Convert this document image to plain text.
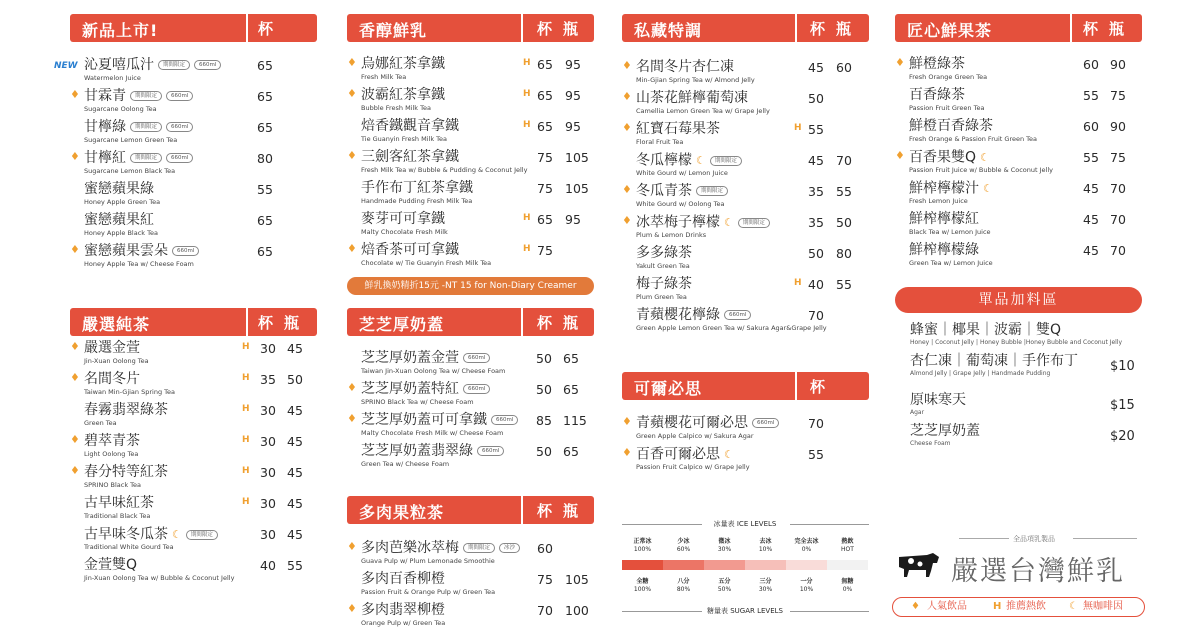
新品上市!	杯
沁夏嘻瓜汁 期間限定	660ml
Watermelon Juice
65
NEW
♦ 甘霖青 期間限定	660ml
Sugarcane Oolong Tea
65
甘檸綠 期間限定	660ml
Sugarcane Lemon Green Tea
65
♦ 甘檸紅 期間限定	660ml
Sugarcane Lemon Black Tea
80
蜜戀蘋果綠
Honey Apple Green Tea
55
蜜戀蘋果紅
Honey Apple Black Tea
65
♦ 蜜戀蘋果雲朵 660ml
Honey Apple Tea w/ Cheese Foam
65
嚴選純茶	杯 瓶
♦ 嚴選金萱
Jin-Xuan Oolong Tea
H 30 45
♦ 名間冬片
Taiwan Min-Gjian Spring Tea
H 35 50
春霧翡翠綠茶
Green Tea
H 30 45
♦ 碧萃青茶
Light Oolong Tea
H 30 45
♦ 春分特等紅茶
SPRINO Black Tea
H 30 45
古早味紅茶
Traditional Black Tea
H 30 45
古早味冬瓜茶 ☾ 期間限定
Traditional White Gourd Tea
30 45
金萱雙Q
Jin-Xuan Oolong Tea w/ Bubble & Coconut Jelly
40 55
香醇鮮乳	杯 瓶
♦ 烏娜紅茶拿鐵
Fresh Milk Tea
H 65 95
♦ 波霸紅茶拿鐵
Bubble Fresh Milk Tea
H 65 95
焙香鐵觀音拿鐵
Tie Guanyin Fresh Milk Tea
H 65 95
♦ 三劍客紅茶拿鐵
Fresh Milk Tea w/ Bubble & Pudding & Coconut Jelly
75 105
手作布丁紅茶拿鐵
Handmade Pudding Fresh Milk Tea
75 105
麥芽可可拿鐵
Malty Chocolate Fresh Milk
H 65 95
♦ 焙香茶可可拿鐵
Chocolate w/ Tie Guanyin Fresh Milk Tea
H 75
鮮乳換奶精折15元 -NT 15 for Non-Diary Creamer
芝芝厚奶蓋	杯 瓶
芝芝厚奶蓋金萱 660ml
Taiwan Jin-Xuan Oolong Tea w/ Cheese Foam
50 65
♦ 芝芝厚奶蓋特紅 660ml
SPRINO Black Tea w/ Cheese Foam
50 65
♦ 芝芝厚奶蓋可可拿鐵 660ml
Malty Chocolate Fresh Milk w/ Cheese Foam
85 115
芝芝厚奶蓋翡翠綠 660ml
Green Tea w/ Cheese Foam
50 65
多肉果粒茶	杯 瓶
♦ 多肉芭樂冰萃梅 期間限定	冰沙
Guava Pulp w/ Plum Lemonade Smoothie
60
多肉百香柳橙
Passion Fruit & Orange Pulp w/ Green Tea
75 105
♦ 多肉翡翠柳橙
Orange Pulp w/ Green Tea
70 100
私藏特調	杯 瓶
♦ 名間冬片杏仁凍
Min-Gjian Spring Tea w/ Almond Jelly
45 60
♦ 山茶花鮮檸葡萄凍
Camellia Lemon Green Tea w/ Grape Jelly
50
♦ 紅寶石莓果茶
Floral Fruit Tea
H 55
冬瓜檸檬 ☾ 期間限定
White Gourd w/ Lemon Juice
45 70
♦ 冬瓜青茶 期間限定
White Gourd w/ Oolong Tea
35 55
♦ 冰萃梅子檸檬 ☾ 期間限定
Plum & Lemon Drinks
35 50
多多綠茶
Yakult Green Tea
50 80
梅子綠茶
Plum Green Tea
H 40 55
青蘋櫻花檸綠 660ml
Green Apple Lemon Green Tea w/ Sakura Agar&Grape Jelly
70
可爾必思	杯
♦ 青蘋櫻花可爾必思 660ml
Green Apple Calpico w/ Sakura Agar
70
♦ 百香可爾必思 ☾
Passion Fruit Calpico w/ Grape Jelly
55
冰量表 ICE LEVELS
正常冰
100%
少冰
60%
微冰
30%
去冰
10%
完全去冰
0%
熱飲
HOT
全糖
100%
八分
80%
五分
50%
三分
30%
一分
10%
無糖
0%
糖量表 SUGAR LEVELS
匠心鮮果茶	杯 瓶
♦ 鮮橙綠茶
Fresh Orange Green Tea
60 90
百香綠茶
Passion Fruit Green Tea
55 75
鮮橙百香綠茶
Fresh Orange & Passion Fruit Green Tea
60 90
♦ 百香果雙Q ☾
Passion Fruit Juice w/ Bubble & Coconut Jelly
55 75
鮮榨檸檬汁 ☾
Fresh Lemon Juice
45 70
鮮榨檸檬紅
Black Tea w/ Lemon Juice
45 70
鮮榨檸檬綠
Green Tea w/ Lemon Juice
45 70
單品加料區
蜂蜜｜椰果｜波霸｜雙Q
Honey | Coconut Jelly | Honey Bubble |Honey Bubble and Coconut Jelly
杏仁凍｜葡萄凍｜手作布丁
Almond Jelly | Grape Jelly | Handmade Pudding	$10
原味寒天
Agar	$15
芝芝厚奶蓋
Cheese Foam	$20
全品項乳製品
嚴選台灣鮮乳
♦ 人氣飲品	H 推薦熱飲 ☾ 無咖啡因
